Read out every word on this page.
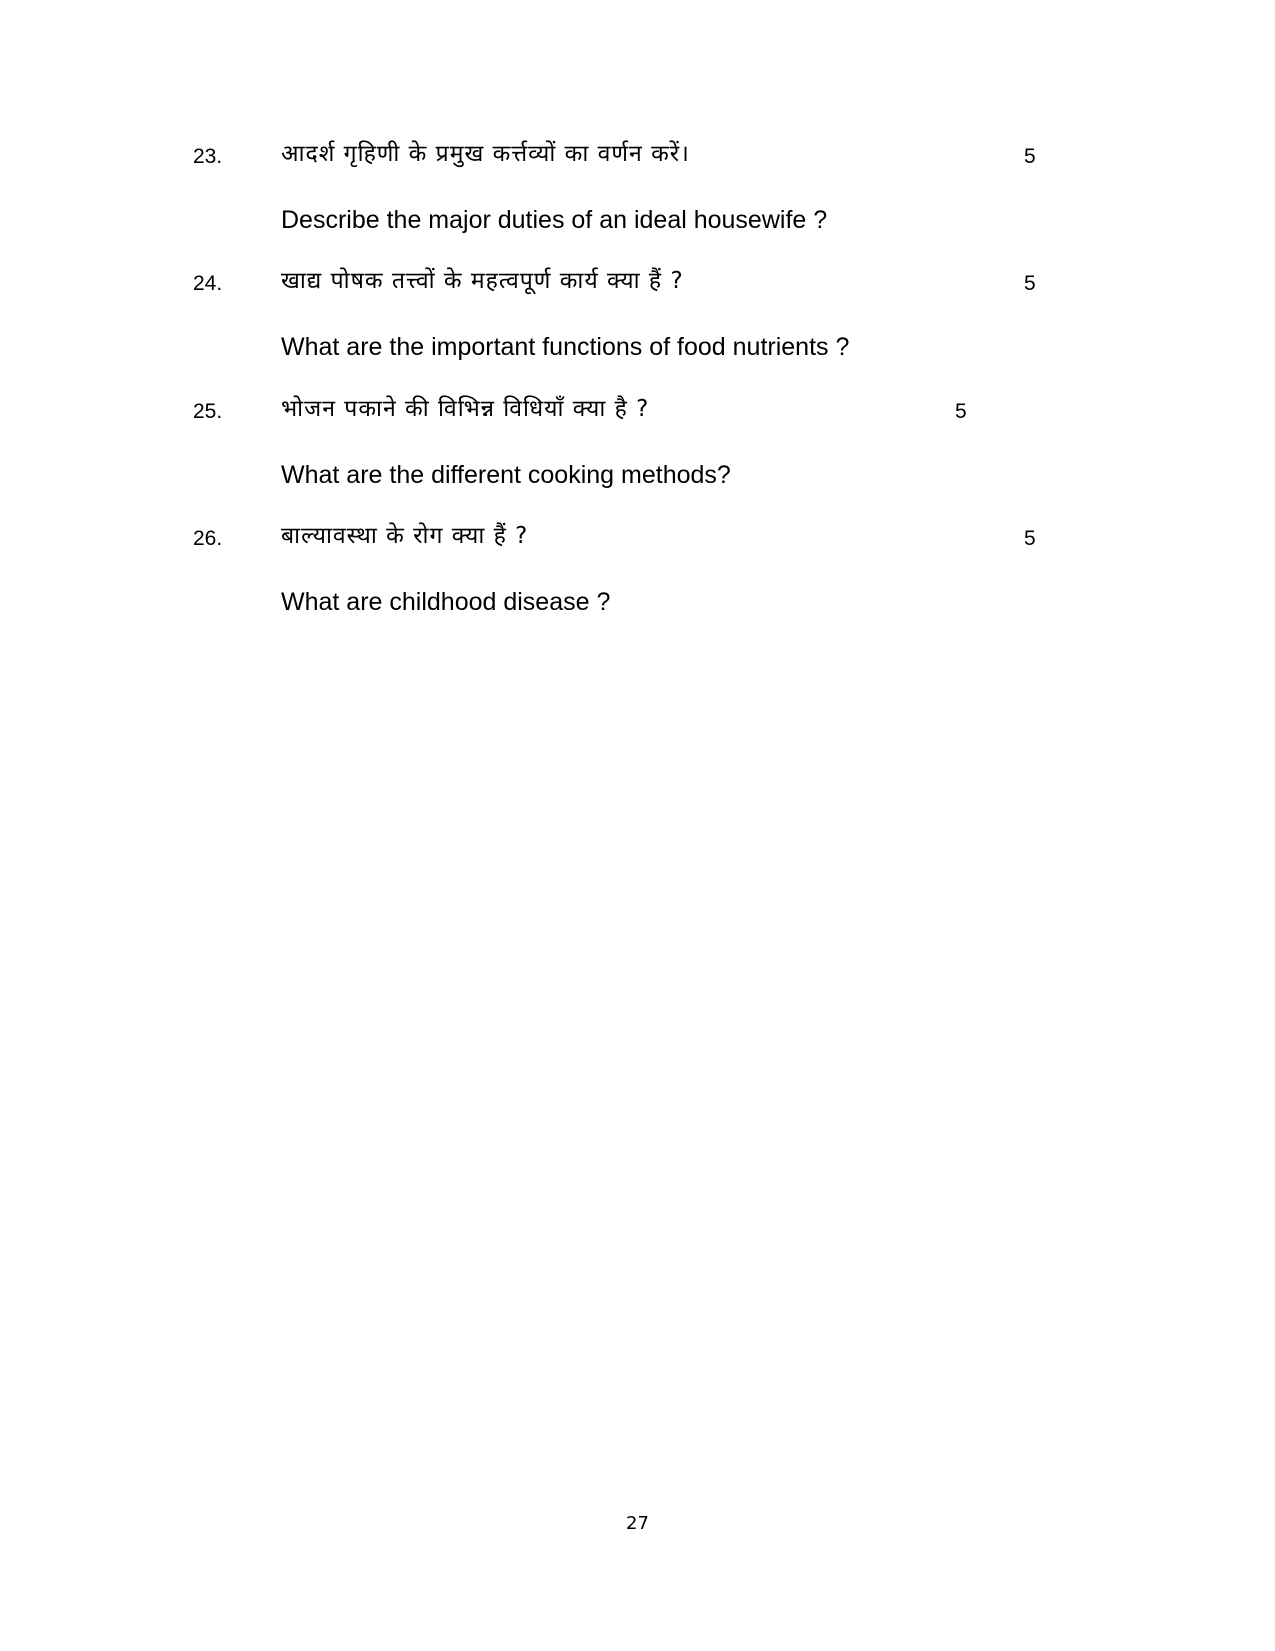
23.	आदर्श गृहिणी के प्रमुख कर्त्तव्यों का वर्णन करें।	5
Describe the major duties of an ideal housewife ?
24.	खाद्य पोषक तत्त्वों के महत्वपूर्ण कार्य क्या हैं ?	5
What are the important functions of food nutrients ?
25.	भोजन पकाने की विभिन्न विधियाँ क्या है ?	5
What are the different cooking methods?
26.	बाल्यावस्था के रोग क्या हैं ?	5
What are childhood disease ?
27
